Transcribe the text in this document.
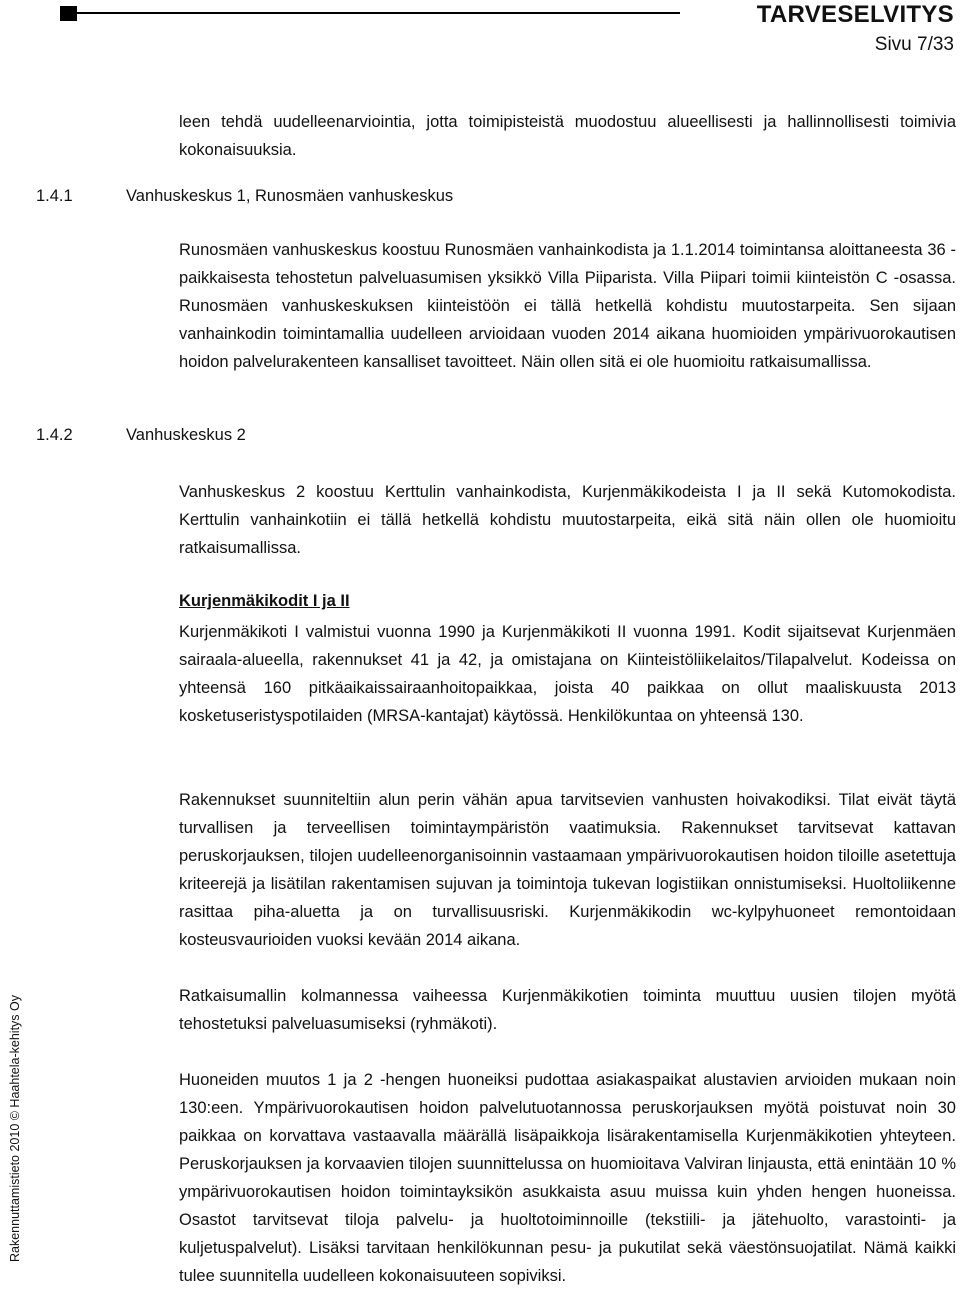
TARVESELVITYS
Sivu 7/33
Rakennuttamistieto 2010 © Haahtela-kehitys Oy

leen tehdä uudelleenarviointia, jotta toimipisteistä muodostuu alueellisesti ja hallinnollisesti toimivia kokonaisuuksia.

1.4.1	Vanhuskeskus 1, Runosmäen vanhuskeskus

Runosmäen vanhuskeskus koostuu Runosmäen vanhainkodista ja 1.1.2014 toimintansa aloittaneesta 36 -paikkaisesta tehostetun palveluasumisen yksikkö Villa Piiparista. Villa Piipari toimii kiinteistön C -osassa. Runosmäen vanhuskeskuksen kiinteistöön ei tällä hetkellä kohdistu muutostarpeita. Sen sijaan vanhainkodin toimintamallia uudelleen arvioidaan vuoden 2014 aikana huomioiden ympärivuorokautisen hoidon palvelurakenteen kansalliset tavoitteet. Näin ollen sitä ei ole huomioitu ratkaisumallissa.

1.4.2	Vanhuskeskus 2

Vanhuskeskus 2 koostuu Kerttulin vanhainkodista, Kurjenmäkikodeista I ja II sekä Kutomokodista. Kerttulin vanhainkotiin ei tällä hetkellä kohdistu muutostarpeita, eikä sitä näin ollen ole huomioitu ratkaisumallissa.

Kurjenmäkikodit I ja II

Kurjenmäkikoti I valmistui vuonna 1990 ja Kurjenmäkikoti II vuonna 1991. Kodit sijaitsevat Kurjenmäen sairaala-alueella, rakennukset 41 ja 42, ja omistajana on Kiinteistöliikelaitos/Tilapalvelut. Kodeissa on yhteensä 160 pitkäaikaissairaanhoitopaikkaa, joista 40 paikkaa on ollut maaliskuusta 2013 kosketuseristyspotilaiden (MRSA-kantajat) käytössä. Henkilökuntaa on yhteensä 130.

Rakennukset suunniteltiin alun perin vähän apua tarvitsevien vanhusten hoivakodiksi. Tilat eivät täytä turvallisen ja terveellisen toimintaympäristön vaatimuksia. Rakennukset tarvitsevat kattavan peruskorjauksen, tilojen uudelleenorganisoinnin vastaamaan ympärivuorokautisen hoidon tiloille asetettuja kriteerejä ja lisätilan rakentamisen sujuvan ja toimintoja tukevan logistiikan onnistumiseksi. Huoltoliikenne rasittaa piha-aluetta ja on turvallisuusriski. Kurjenmäkikodin wc-kylpyhuoneet remontoidaan kosteusvaurioiden vuoksi kevään 2014 aikana.

Ratkaisumallin kolmannessa vaiheessa Kurjenmäkikotien toiminta muuttuu uusien tilojen myötä tehostetuksi palveluasumiseksi (ryhmäkoti).

Huoneiden muutos 1 ja 2 -hengen huoneiksi pudottaa asiakaspaikat alustavien arvioiden mukaan noin 130:een. Ympärivuorokautisen hoidon palvelutuotannossa peruskorjauksen myötä poistuvat noin 30 paikkaa on korvattava vastaavalla määrällä lisäpaikkoja lisärakentamisella Kurjenmäkikotien yhteyteen. Peruskorjauksen ja korvaavien tilojen suunnittelussa on huomioitava Valviran linjausta, että enintään 10 % ympärivuorokautisen hoidon toimintayksikön asukkaista asuu muissa kuin yhden hengen huoneissa. Osastot tarvitsevat tiloja palvelu- ja huoltotoiminnoille (tekstiili- ja jätehuolto, varastointi- ja kuljetuspalvelut). Lisäksi tarvitaan henkilökunnan pesu- ja pukutilat sekä väestönsuojatilat. Nämä kaikki tulee suunnitella uudelleen kokonaisuuteen sopiviksi.
